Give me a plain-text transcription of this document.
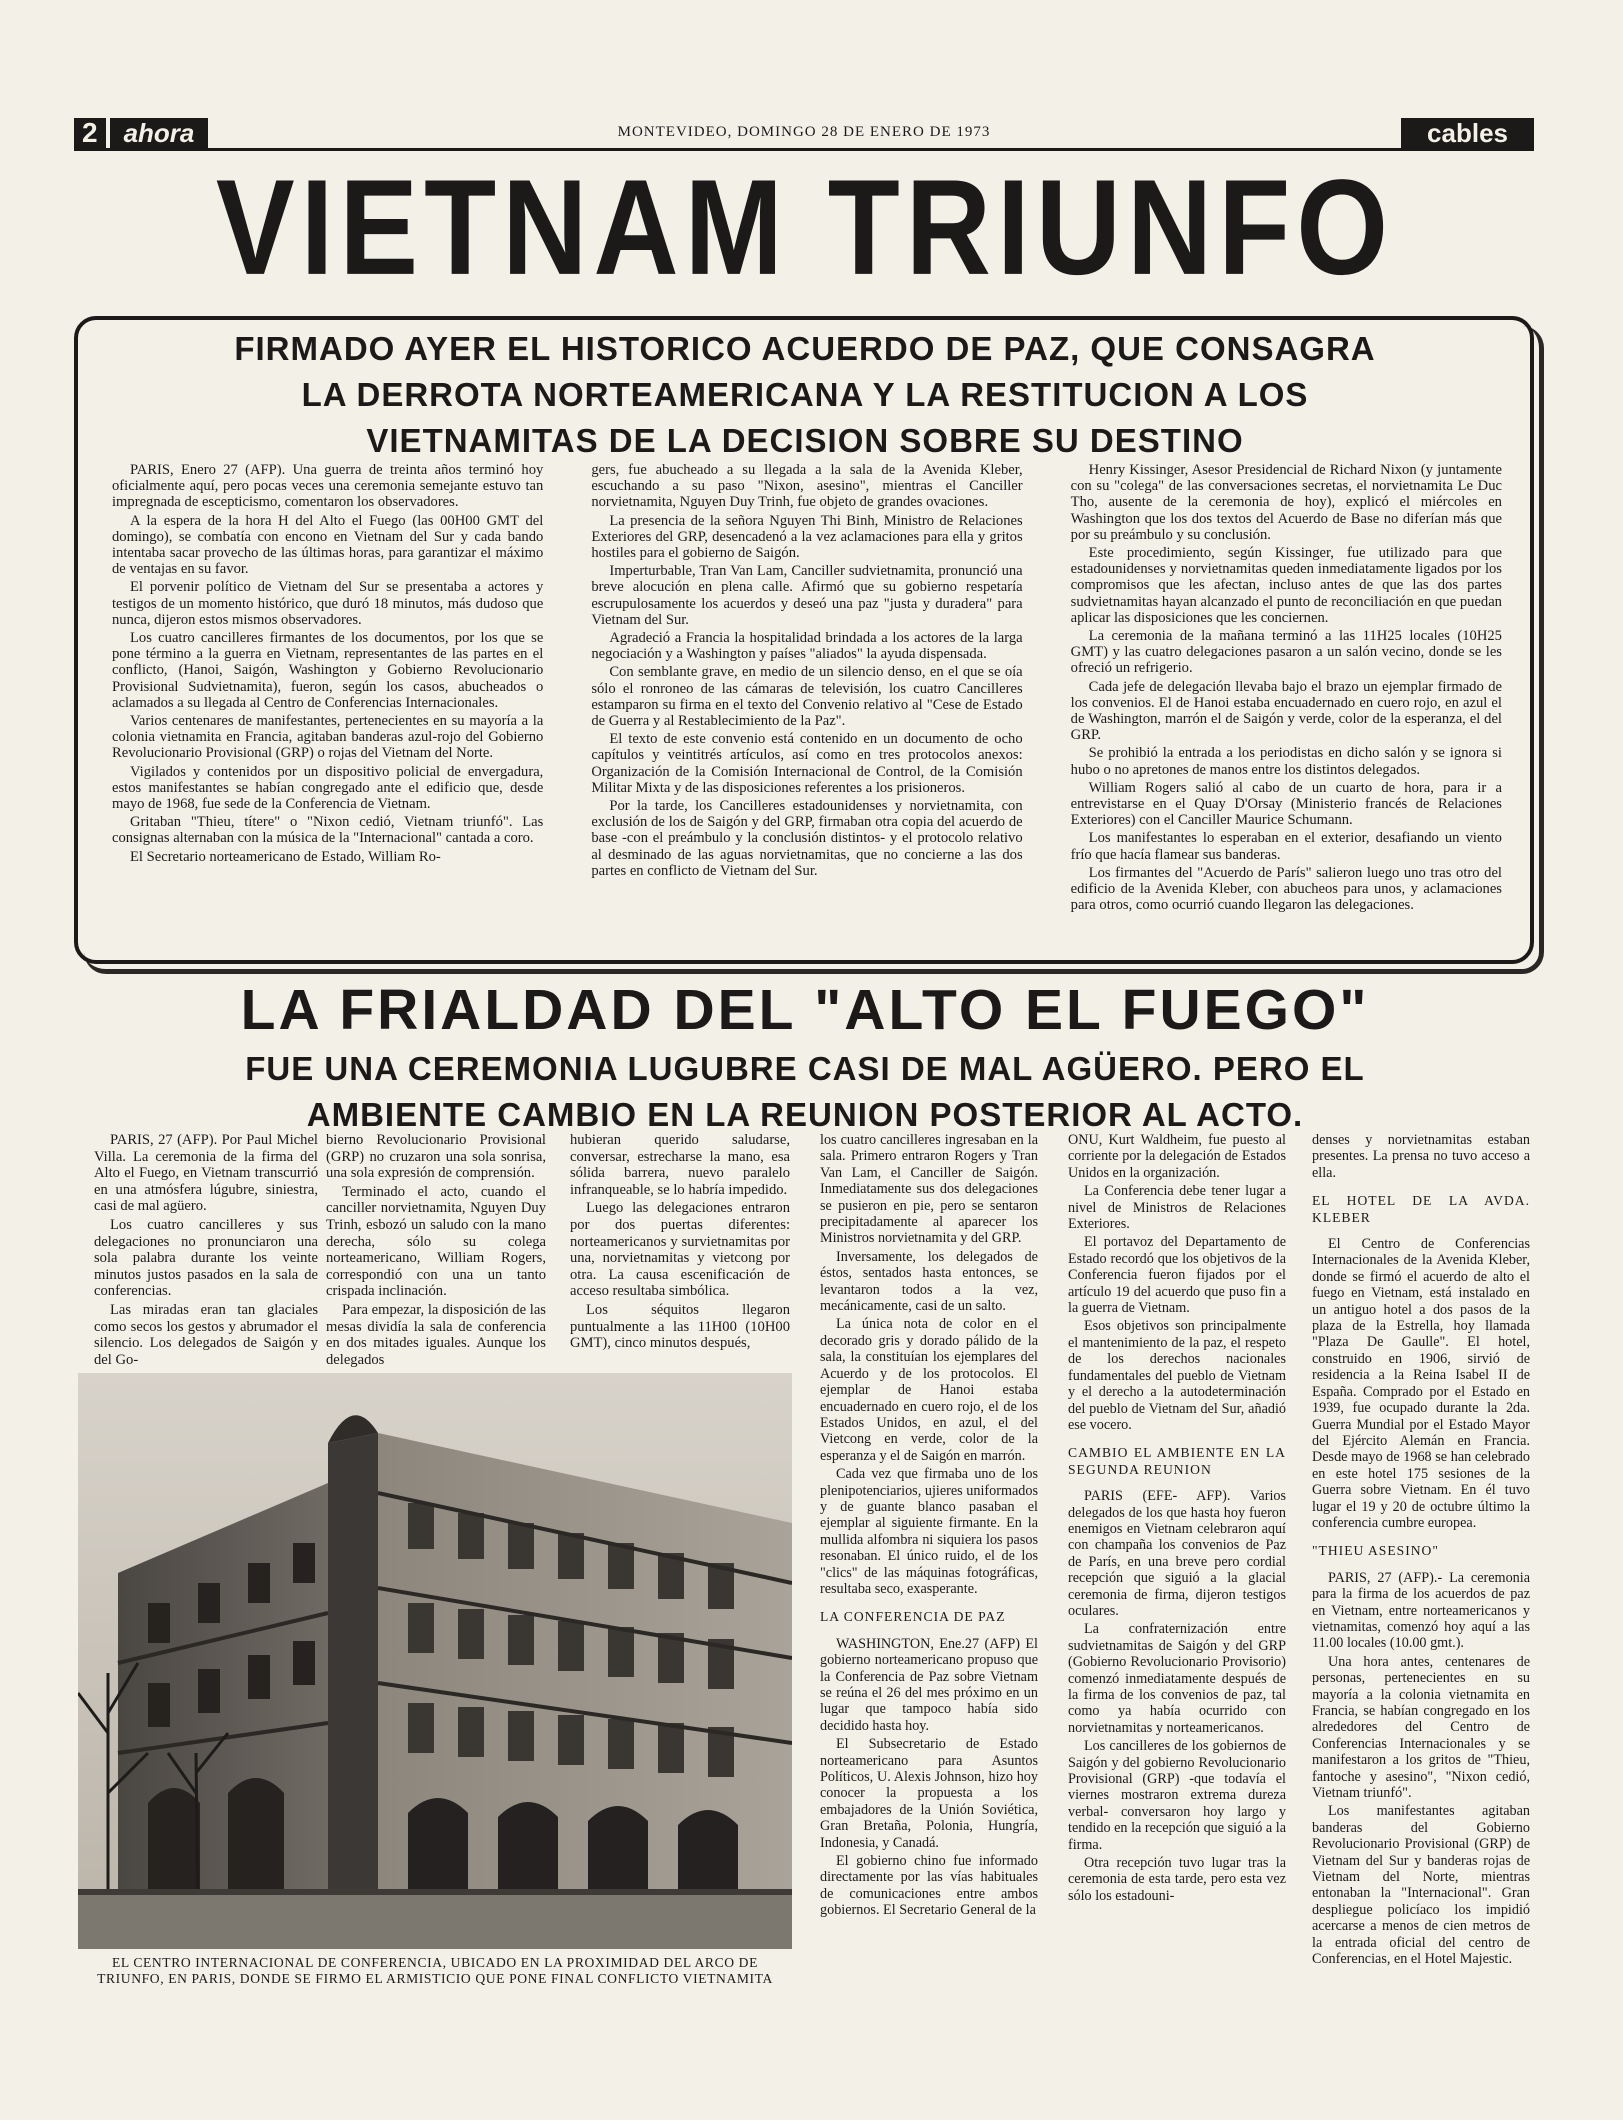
2	ahora	MONTEVIDEO, DOMINGO 28 DE ENERO DE 1973	cables
VIETNAM TRIUNFO
FIRMADO AYER EL HISTORICO ACUERDO DE PAZ, QUE CONSAGRA
LA DERROTA NORTEAMERICANA Y LA RESTITUCION A LOS
VIETNAMITAS DE LA DECISION SOBRE SU DESTINO

PARIS, Enero 27 (AFP). Una guerra de treinta años terminó hoy oficialmente aquí, pero pocas veces una ceremonia semejante estuvo tan impregnada de escepticismo, comentaron los observadores.

A la espera de la hora H del Alto el Fuego (las 00H00 GMT del domingo), se combatía con encono en Vietnam del Sur y cada bando intentaba sacar provecho de las últimas horas, para garantizar el máximo de ventajas en su favor.

El porvenir político de Vietnam del Sur se presentaba a actores y testigos de un momento histórico, que duró 18 minutos, más dudoso que nunca, dijeron estos mismos observadores.

Los cuatro cancilleres firmantes de los documentos, por los que se pone término a la guerra en Vietnam, representantes de las partes en el conflicto, (Hanoi, Saigón, Washington y Gobierno Revolucionario Provisional Sudvietnamita), fueron, según los casos, abucheados o aclamados a su llegada al Centro de Conferencias Internacionales.

Varios centenares de manifestantes, pertenecientes en su mayoría a la colonia vietnamita en Francia, agitaban banderas azul-rojo del Gobierno Revolucionario Provisional (GRP) o rojas del Vietnam del Norte.

Vigilados y contenidos por un dispositivo policial de envergadura, estos manifestantes se habían congregado ante el edificio que, desde mayo de 1968, fue sede de la Conferencia de Vietnam.

Gritaban "Thieu, títere" o "Nixon cedió, Vietnam triunfó". Las consignas alternaban con la música de la "Internacional" cantada a coro.

El Secretario norteamericano de Estado, William Ro-

gers, fue abucheado a su llegada a la sala de la Avenida Kleber, escuchando a su paso "Nixon, asesino", mientras el Canciller norvietnamita, Nguyen Duy Trinh, fue objeto de grandes ovaciones.

La presencia de la señora Nguyen Thi Binh, Ministro de Relaciones Exteriores del GRP, desencadenó a la vez aclamaciones para ella y gritos hostiles para el gobierno de Saigón.

Imperturbable, Tran Van Lam, Canciller sudvietnamita, pronunció una breve alocución en plena calle. Afirmó que su gobierno respetaría escrupulosamente los acuerdos y deseó una paz "justa y duradera" para Vietnam del Sur.

Agradeció a Francia la hospitalidad brindada a los actores de la larga negociación y a Washington y países "aliados" la ayuda dispensada.

Con semblante grave, en medio de un silencio denso, en el que se oía sólo el ronroneo de las cámaras de televisión, los cuatro Cancilleres estamparon su firma en el texto del Convenio relativo al "Cese de Estado de Guerra y al Restablecimiento de la Paz".

El texto de este convenio está contenido en un documento de ocho capítulos y veintitrés artículos, así como en tres protocolos anexos: Organización de la Comisión Internacional de Control, de la Comisión Militar Mixta y de las disposiciones referentes a los prisioneros.

Por la tarde, los Cancilleres estadounidenses y norvietnamita, con exclusión de los de Saigón y del GRP, firmaban otra copia del acuerdo de base -con el preámbulo y la conclusión distintos- y el protocolo relativo al desminado de las aguas norvietnamitas, que no concierne a las dos partes en conflicto de Vietnam del Sur.

Henry Kissinger, Asesor Presidencial de Richard Nixon (y juntamente con su "colega" de las conversaciones secretas, el norvietnamita Le Duc Tho, ausente de la ceremonia de hoy), explicó el miércoles en Washington que los dos textos del Acuerdo de Base no diferían más que por su preámbulo y su conclusión.

Este procedimiento, según Kissinger, fue utilizado para que estadounidenses y norvietnamitas queden inmediatamente ligados por los compromisos que les afectan, incluso antes de que las dos partes sudvietnamitas hayan alcanzado el punto de reconciliación en que puedan aplicar las disposiciones que les conciernen.

La ceremonia de la mañana terminó a las 11H25 locales (10H25 GMT) y las cuatro delegaciones pasaron a un salón vecino, donde se les ofreció un refrigerio.

Cada jefe de delegación llevaba bajo el brazo un ejemplar firmado de los convenios. El de Hanoi estaba encuadernado en cuero rojo, en azul el de Washington, marrón el de Saigón y verde, color de la esperanza, el del GRP.

Se prohibió la entrada a los periodistas en dicho salón y se ignora si hubo o no apretones de manos entre los distintos delegados.

William Rogers salió al cabo de un cuarto de hora, para ir a entrevistarse en el Quay D'Orsay (Ministerio francés de Relaciones Exteriores) con el Canciller Maurice Schumann.

Los manifestantes lo esperaban en el exterior, desafiando un viento frío que hacía flamear sus banderas.

Los firmantes del "Acuerdo de París" salieron luego uno tras otro del edificio de la Avenida Kleber, con abucheos para unos, y aclamaciones para otros, como ocurrió cuando llegaron las delegaciones.

LA FRIALDAD DEL "ALTO EL FUEGO"
FUE UNA CEREMONIA LUGUBRE CASI DE MAL AGÜERO. PERO EL
AMBIENTE CAMBIO EN LA REUNION POSTERIOR AL ACTO.

PARIS, 27 (AFP). Por Paul Michel Villa. La ceremonia de la firma del Alto el Fuego, en Vietnam transcurrió en una atmósfera lúgubre, siniestra, casi de mal agüero.

Los cuatro cancilleres y sus delegaciones no pronunciaron una sola palabra durante los veinte minutos justos pasados en la sala de conferencias.

Las miradas eran tan glaciales como secos los gestos y abrumador el silencio. Los delegados de Saigón y del Go-

bierno Revolucionario Provisional (GRP) no cruzaron una sola sonrisa, una sola expresión de comprensión.

Terminado el acto, cuando el canciller norvietnamita, Nguyen Duy Trinh, esbozó un saludo con la mano derecha, sólo su colega norteamericano, William Rogers, correspondió con una un tanto crispada inclinación.

Para empezar, la disposición de las mesas dividía la sala de conferencia en dos mitades iguales. Aunque los delegados

hubieran querido saludarse, conversar, estrecharse la mano, esa sólida barrera, nuevo paralelo infranqueable, se lo habría impedido.

Luego las delegaciones entraron por dos puertas diferentes: norteamericanos y survietnamitas por una, norvietnamitas y vietcong por otra. La causa escenificación de acceso resultaba simbólica.

Los séquitos llegaron puntualmente a las 11H00 (10H00 GMT), cinco minutos después,

los cuatro cancilleres ingresaban en la sala. Primero entraron Rogers y Tran Van Lam, el Canciller de Saigón. Inmediatamente sus dos delegaciones se pusieron en pie, pero se sentaron precipitadamente al aparecer los Ministros norvietnamita y del GRP.

Inversamente, los delegados de éstos, sentados hasta entonces, se levantaron todos a la vez, mecánicamente, casi de un salto.

La única nota de color en el decorado gris y dorado pálido de la sala, la constituían los ejemplares del Acuerdo y de los protocolos. El ejemplar de Hanoi estaba encuadernado en cuero rojo, el de los Estados Unidos, en azul, el del Vietcong en verde, color de la esperanza y el de Saigón en marrón.

Cada vez que firmaba uno de los plenipotenciarios, ujieres uniformados y de guante blanco pasaban el ejemplar al siguiente firmante. En la mullida alfombra ni siquiera los pasos resonaban. El único ruido, el de los "clics" de las máquinas fotográficas, resultaba seco, exasperante.

LA CONFERENCIA DE PAZ

WASHINGTON, Ene.27 (AFP) El gobierno norteamericano propuso que la Conferencia de Paz sobre Vietnam se reúna el 26 del mes próximo en un lugar que tampoco había sido decidido hasta hoy.

El Subsecretario de Estado norteamericano para Asuntos Políticos, U. Alexis Johnson, hizo hoy conocer la propuesta a los embajadores de la Unión Soviética, Gran Bretaña, Polonia, Hungría, Indonesia, y Canadá.

El gobierno chino fue informado directamente por las vías habituales de comunicaciones entre ambos gobiernos. El Secretario General de la

ONU, Kurt Waldheim, fue puesto al corriente por la delegación de Estados Unidos en la organización.

La Conferencia debe tener lugar a nivel de Ministros de Relaciones Exteriores.

El portavoz del Departamento de Estado recordó que los objetivos de la Conferencia fueron fijados por el artículo 19 del acuerdo que puso fin a la guerra de Vietnam.

Esos objetivos son principalmente el mantenimiento de la paz, el respeto de los derechos nacionales fundamentales del pueblo de Vietnam y el derecho a la autodeterminación del pueblo de Vietnam del Sur, añadió ese vocero.

CAMBIO EL AMBIENTE EN LA SEGUNDA REUNION

PARIS (EFE- AFP). Varios delegados de los que hasta hoy fueron enemigos en Vietnam celebraron aquí con champaña los convenios de Paz de París, en una breve pero cordial recepción que siguió a la glacial ceremonia de firma, dijeron testigos oculares.

La confraternización entre sudvietnamitas de Saigón y del GRP (Gobierno Revolucionario Provisorio) comenzó inmediatamente después de la firma de los convenios de paz, tal como ya había ocurrido con norvietnamitas y norteamericanos.

Los cancilleres de los gobiernos de Saigón y del gobierno Revolucionario Provisional (GRP) -que todavía el viernes mostraron extrema dureza verbal- conversaron hoy largo y tendido en la recepción que siguió a la firma.

Otra recepción tuvo lugar tras la ceremonia de esta tarde, pero esta vez sólo los estadouni-

denses y norvietnamitas estaban presentes. La prensa no tuvo acceso a ella.

EL HOTEL DE LA AVDA. KLEBER

El Centro de Conferencias Internacionales de la Avenida Kleber, donde se firmó el acuerdo de alto el fuego en Vietnam, está instalado en un antiguo hotel a dos pasos de la plaza de la Estrella, hoy llamada "Plaza De Gaulle". El hotel, construido en 1906, sirvió de residencia a la Reina Isabel II de España. Comprado por el Estado en 1939, fue ocupado durante la 2da. Guerra Mundial por el Estado Mayor del Ejército Alemán en Francia. Desde mayo de 1968 se han celebrado en este hotel 175 sesiones de la Guerra sobre Vietnam. En él tuvo lugar el 19 y 20 de octubre último la conferencia cumbre europea.

"THIEU ASESINO"

PARIS, 27 (AFP).- La ceremonia para la firma de los acuerdos de paz en Vietnam, entre norteamericanos y vietnamitas, comenzó hoy aquí a las 11.00 locales (10.00 gmt.).

Una hora antes, centenares de personas, pertenecientes en su mayoría a la colonia vietnamita en Francia, se habían congregado en los alrededores del Centro de Conferencias Internacionales y se manifestaron a los gritos de "Thieu, fantoche y asesino", "Nixon cedió, Vietnam triunfó".

Los manifestantes agitaban banderas del Gobierno Revolucionario Provisional (GRP) de Vietnam del Sur y banderas rojas de Vietnam del Norte, mientras entonaban la "Internacional". Gran despliegue policíaco los impidió acercarse a menos de cien metros de la entrada oficial del centro de Conferencias, en el Hotel Majestic.

EL CENTRO INTERNACIONAL DE CONFERENCIA, UBICADO EN LA PROXIMIDAD DEL ARCO DE TRIUNFO, EN PARIS, DONDE SE FIRMO EL ARMISTICIO QUE PONE FINAL CONFLICTO VIETNAMITA
